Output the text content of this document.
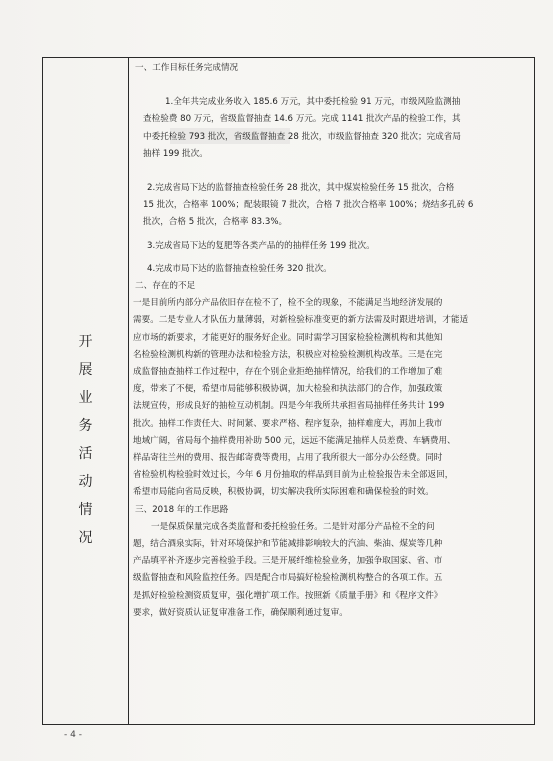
开
展
业
务
活
动
情
况

一、工作目标任务完成情况

1.全年共完成业务收入 185.6 万元，其中委托检验 91 万元，市级风险监测抽

查检验费 80 万元，省级监督抽查 14.6 万元。完成 1141 批次产品的检验工作，其

中委托检验 793 批次，省级监督抽查 28 批次，市级监督抽查 320 批次；完成省局

抽样 199 批次。

2.完成省局下达的监督抽查检验任务 28 批次，其中煤炭检验任务 15 批次，合格

15 批次，合格率 100%；配装眼镜 7 批次，合格 7 批次合格率 100%；烧结多孔砖 6

批次，合格 5 批次，合格率 83.3%。

3.完成省局下达的复肥等各类产品的的抽样任务 199 批次。

4.完成市局下达的监督抽查检验任务 320 批次。

二、存在的不足

一是目前所内部分产品依旧存在检不了，检不全的现象，不能满足当地经济发展的

需要。二是专业人才队伍力量薄弱，对新检验标准变更的新方法需及时跟进培训，才能适

应市场的新要求，才能更好的服务好企业。同时需学习国家检验检测机构和其他知

名检验检测机构新的管理办法和检验方法，积极应对检验检测机构改革。三是在完

成监督抽查抽样工作过程中，存在个别企业拒绝抽样情况，给我们的工作增加了难

度，带来了不便，希望市局能够积极协调，加大检验和执法部门的合作，加强政策

法规宣传，形成良好的抽检互动机制。四是今年我所共承担省局抽样任务共计 199

批次。抽样工作责任大、时间紧、要求严格、程序复杂，抽样难度大，再加上我市

地域广阔，省局每个抽样费用补助 500 元，远远不能满足抽样人员差费、车辆费用、

样品寄往兰州的费用、报告邮寄费等费用，占用了我所很大一部分办公经费。同时

省检验机构检验时效过长，今年 6 月份抽取的样品到目前为止检验报告未全部返回，

希望市局能向省局反映，积极协调，切实解决我所实际困难和确保检验的时效。

三、2018 年的工作思路

一是保质保量完成各类监督和委托检验任务。二是针对部分产品检不全的问

题，结合酒泉实际，针对环境保护和节能减排影响较大的汽油、柴油、煤炭等几种

产品填平补齐逐步完善检验手段。三是开展纤维检验业务，加强争取国家、省、市

级监督抽查和风险监控任务。四是配合市局搞好检验检测机构整合的各项工作。五

是抓好检验检测资质复审，强化增扩项工作。按照新《质量手册》和《程序文件》

要求，做好资质认证复审准备工作，确保顺利通过复审。

- 4 -
